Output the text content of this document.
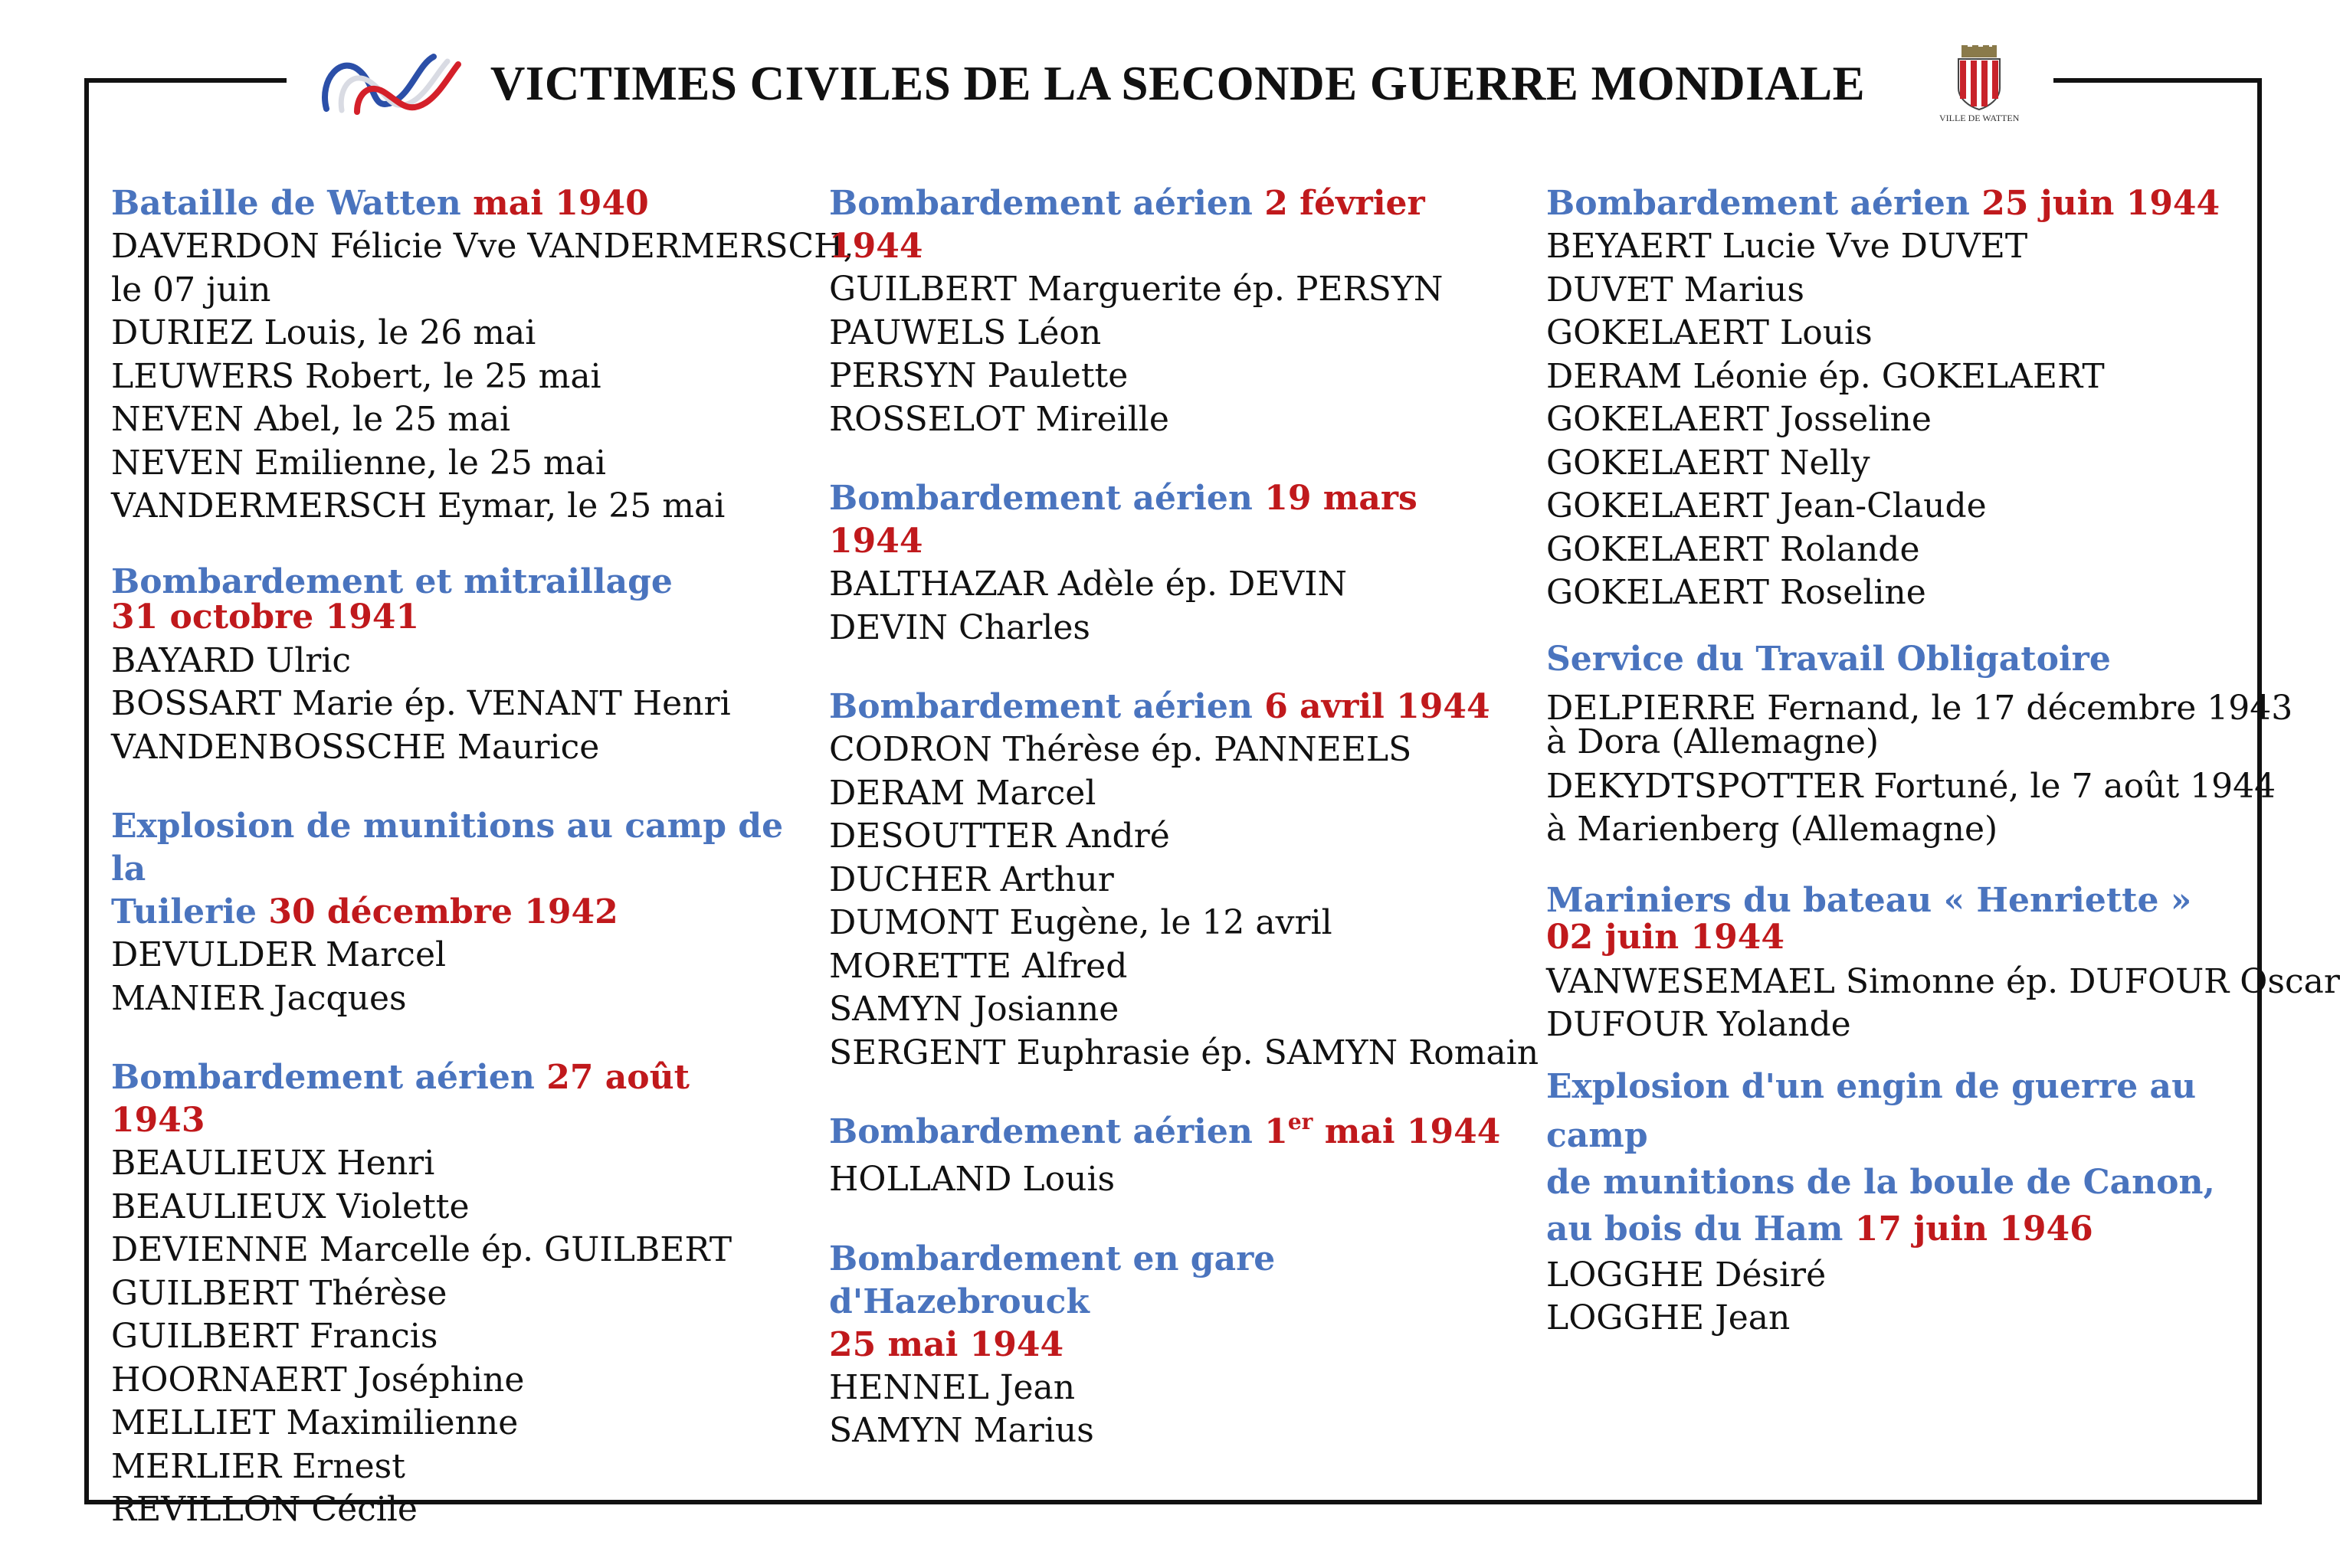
VICTIMES CIVILES DE LA SECONDE GUERRE MONDIALE
VILLE DE WATTEN
Bataille de Watten mai 1940
DAVERDON Félicie Vve VANDERMERSCH,
le 07 juin
DURIEZ Louis, le 26 mai
LEUWERS Robert, le 25 mai
NEVEN Abel, le 25 mai
NEVEN Emilienne, le 25 mai
VANDERMERSCH Eymar, le 25 mai
Bombardement et mitraillage
31 octobre 1941
BAYARD Ulric
BOSSART Marie ép. VENANT Henri
VANDENBOSSCHE Maurice
Explosion de munitions au camp de la
Tuilerie 30 décembre 1942
DEVULDER Marcel
MANIER Jacques
Bombardement aérien 27 août 1943
BEAULIEUX Henri
BEAULIEUX Violette
DEVIENNE Marcelle ép. GUILBERT
GUILBERT Thérèse
GUILBERT Francis
HOORNAERT Joséphine
MELLIET Maximilienne
MERLIER Ernest
REVILLON Cécile
Bombardement aérien 2 février 1944
GUILBERT Marguerite ép. PERSYN
PAUWELS Léon
PERSYN Paulette
ROSSELOT Mireille
Bombardement aérien 19 mars 1944
BALTHAZAR Adèle ép. DEVIN
DEVIN Charles
Bombardement aérien 6 avril 1944
CODRON Thérèse ép. PANNEELS
DERAM Marcel
DESOUTTER André
DUCHER Arthur
DUMONT Eugène, le 12 avril
MORETTE Alfred
SAMYN Josianne
SERGENT Euphrasie ép. SAMYN Romain
Bombardement aérien 1er mai 1944
HOLLAND Louis
Bombardement en gare d'Hazebrouck
25 mai 1944
HENNEL Jean
SAMYN Marius
Bombardement aérien 25 juin 1944
BEYAERT Lucie Vve DUVET
DUVET Marius
GOKELAERT Louis
DERAM Léonie ép. GOKELAERT
GOKELAERT Josseline
GOKELAERT Nelly
GOKELAERT Jean-Claude
GOKELAERT Rolande
GOKELAERT Roseline
Service du Travail Obligatoire
DELPIERRE Fernand, le 17 décembre 1943
à Dora (Allemagne)
DEKYDTSPOTTER Fortuné, le 7 août 1944
à Marienberg (Allemagne)
Mariniers du bateau « Henriette »
02 juin 1944
VANWESEMAEL Simonne ép. DUFOUR Oscar
DUFOUR Yolande
Explosion d'un engin de guerre au camp
de munitions de la boule de Canon,
au bois du Ham 17 juin 1946
LOGGHE Désiré
LOGGHE Jean
